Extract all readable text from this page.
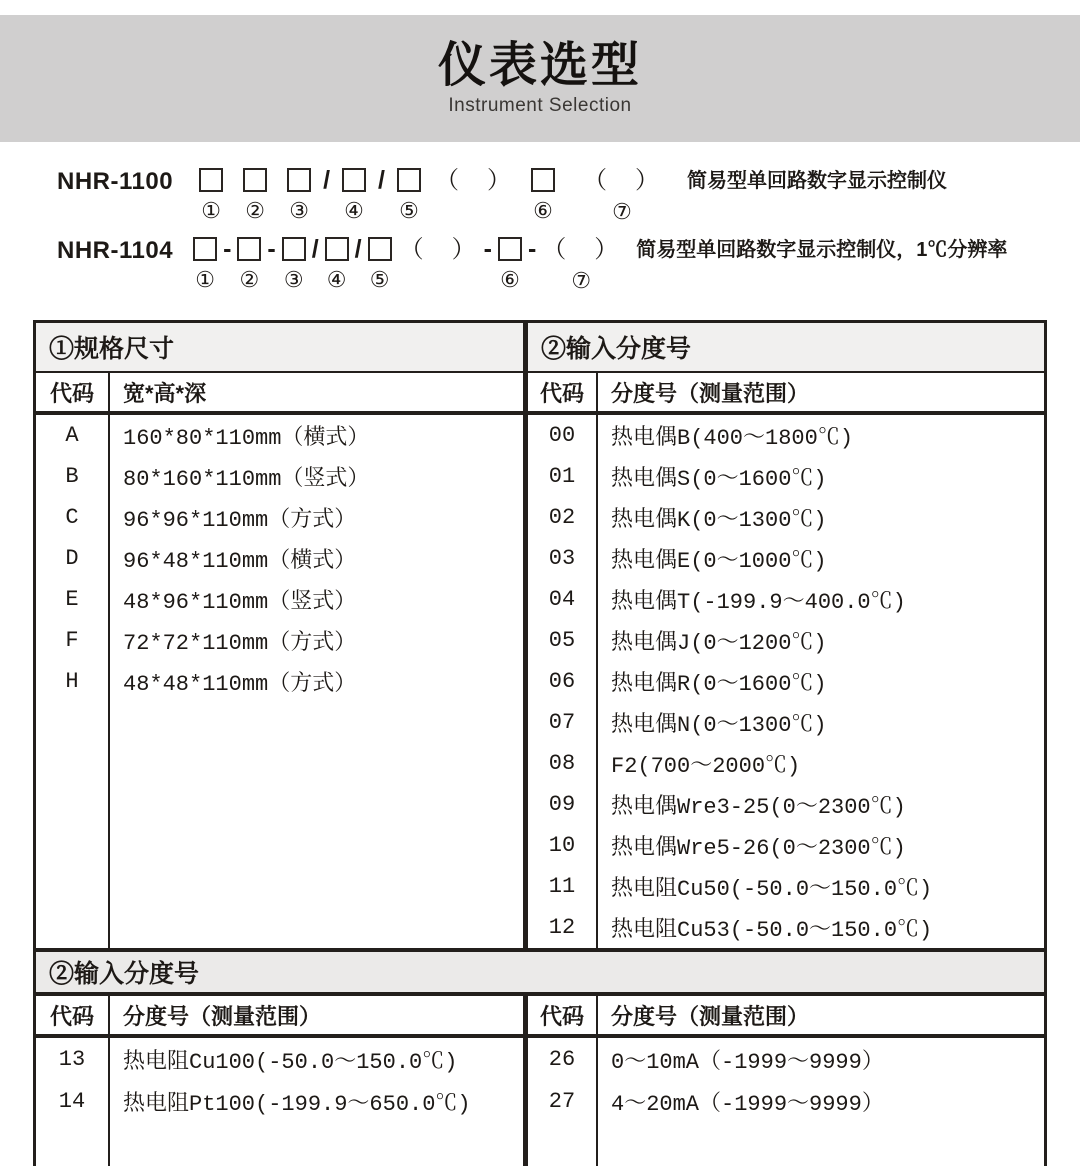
仪表选型
Instrument Selection
NHR-1100
① ② ③
/

④
/

⑤
（　）

⑥
（　）
⑦
简易型单回路数字显示控制仪
NHR-1104
①
-

②
-

③
/

④
/

⑤
（　）
-

⑥
-
（　）
⑦
简易型单回路数字显示控制仪，1℃分辨率
①规格尺寸
代码	宽*高*深
A	160*80*110mm（横式）
B	80*160*110mm（竖式）
C	96*96*110mm（方式）
D	96*48*110mm（横式）
E	48*96*110mm（竖式）
F	72*72*110mm（方式）
H	48*48*110mm（方式）
②输入分度号
代码	分度号（测量范围）
00	热电偶B(400～1800℃)
01	热电偶S(0～1600℃)
02	热电偶K(0～1300℃)
03	热电偶E(0～1000℃)
04	热电偶T(-199.9～400.0℃)
05	热电偶J(0～1200℃)
06	热电偶R(0～1600℃)
07	热电偶N(0～1300℃)
08	F2(700～2000℃)
09	热电偶Wre3-25(0～2300℃)
10	热电偶Wre5-26(0～2300℃)
11	热电阻Cu50(-50.0～150.0℃)
12	热电阻Cu53(-50.0～150.0℃)
②输入分度号
代码	分度号（测量范围）
13	热电阻Cu100(-50.0～150.0℃)
14	热电阻Pt100(-199.9～650.0℃)
代码	分度号（测量范围）
26	0～10mA（-1999～9999）
27	4～20mA（-1999～9999）
